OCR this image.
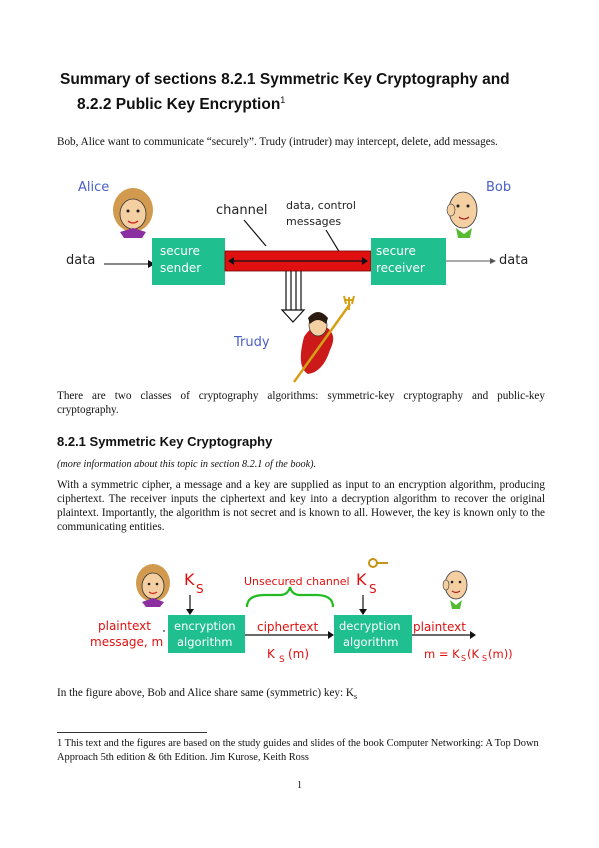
Summary of sections 8.2.1 Symmetric Key Cryptography and
8.2.2 Public Key Encryption$^1$

Bob, Alice want to communicate “securely”. Trudy (intruder) may intercept, delete, add messages.

Alice	Bob
channel data, control
messages
data
secure
sender
secure
receiver	data
Trudy

There are two classes of cryptography algorithms: symmetric-key cryptography and public-key cryptography.

8.2.1 Symmetric Key Cryptography
(more information about this topic in section 8.2.1 of the book).

With a symmetric cipher, a message and a key are supplied as input to an encryption algorithm, producing ciphertext. The receiver inputs the ciphertext and key into a decryption algorithm to recover the original plaintext. Importantly, the algorithm is not secret and is known to all. However, the key is known only to the communicating entities.

K S
Unsecured channel K S
plaintext
message, m
encryption
algorithm
ciphertext
K S (m)
decryption
algorithm
plaintext
m = K S (K S (m))

In the figure above, Bob and Alice share same (symmetric) key: $K_s$

1 This text and the figures are based on the study guides and slides of the book Computer Networking: A Top Down Approach 5th edition & 6th Edition. Jim Kurose, Keith Ross

1
